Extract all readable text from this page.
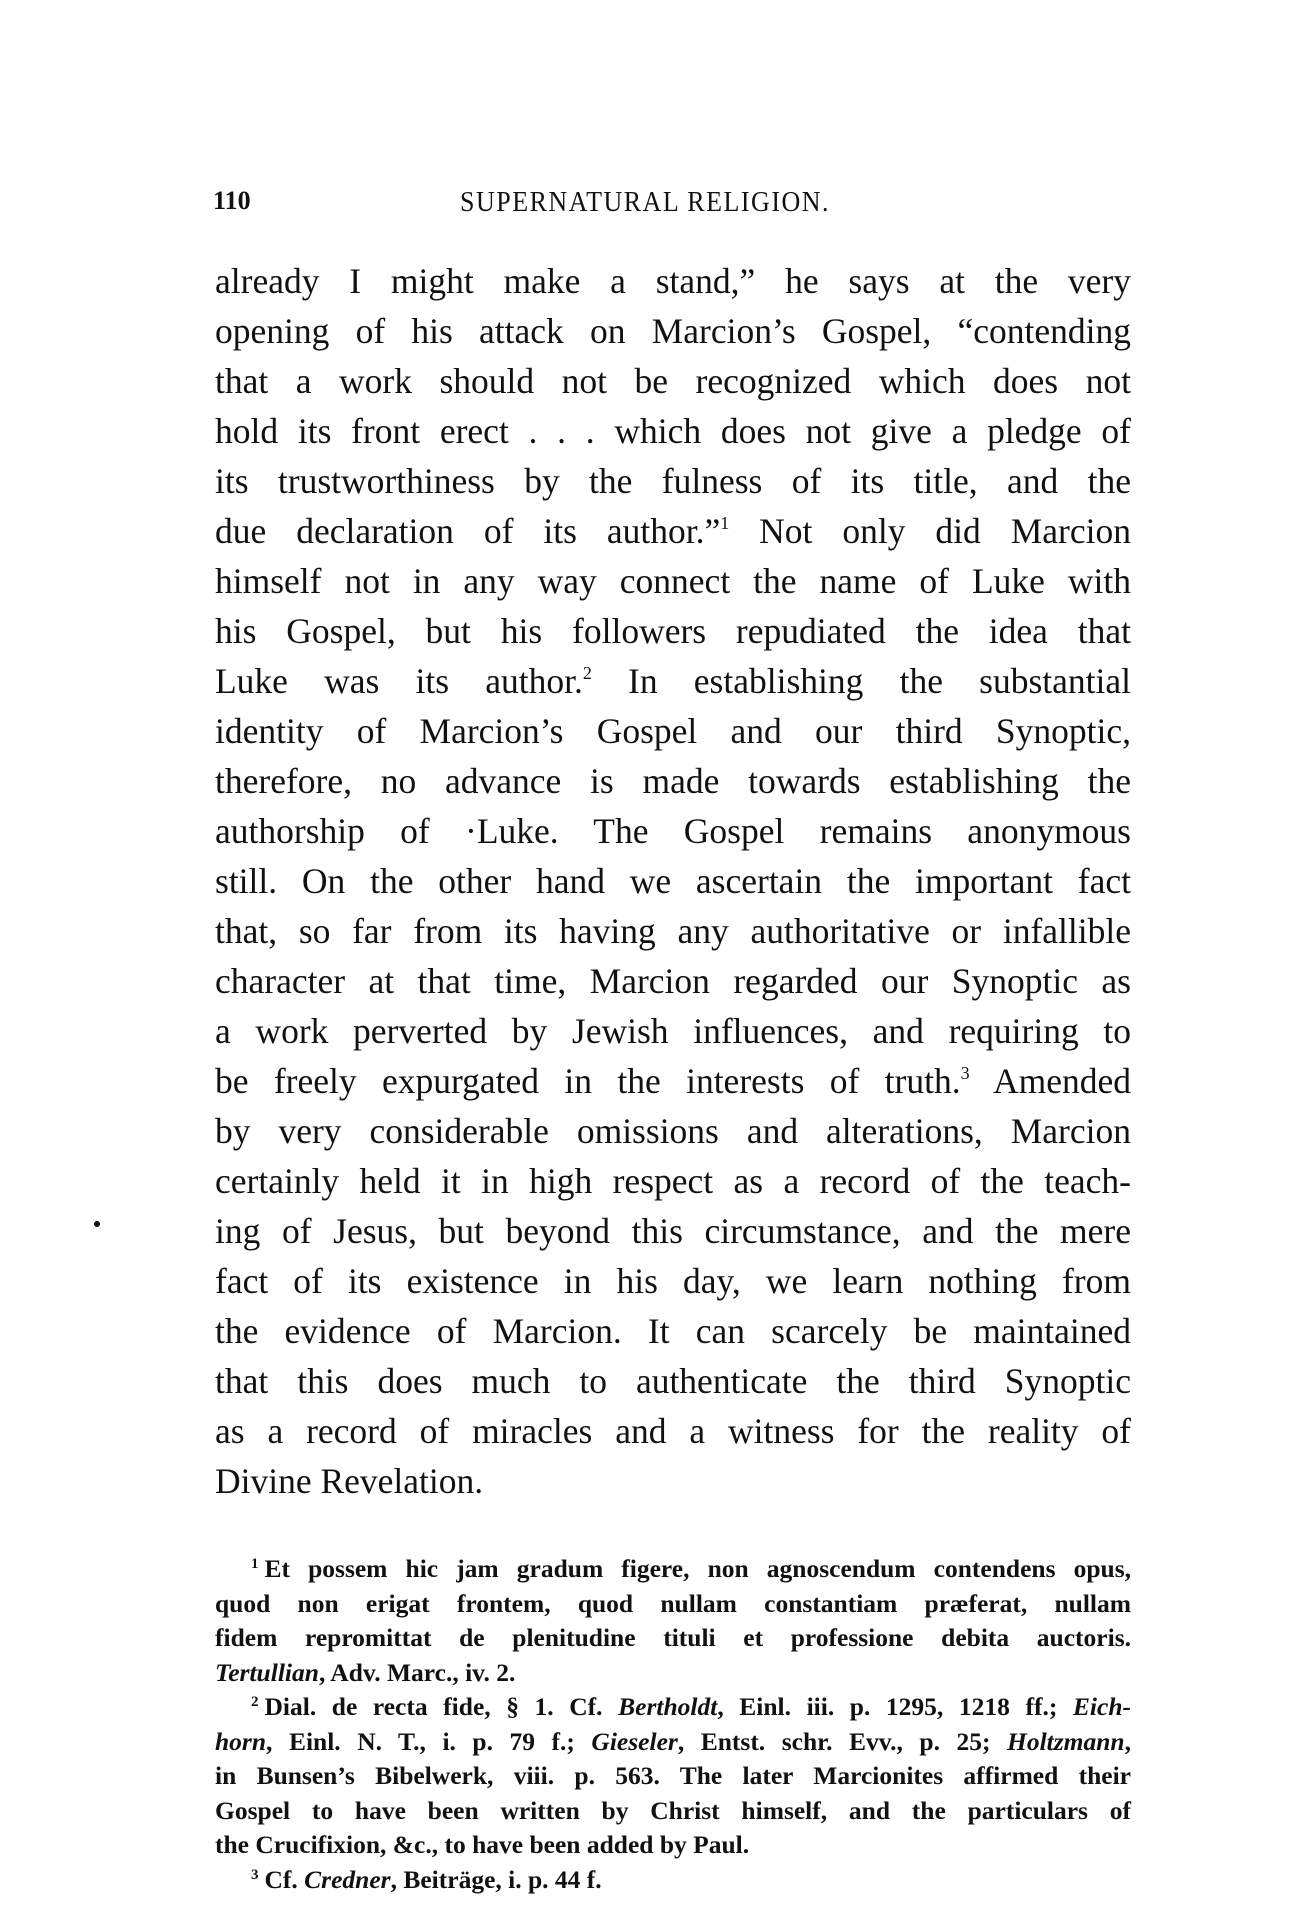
110	SUPERNATURAL RELIGION.
already I might make a stand,” he says at the very
opening of his attack on Marcion’s Gospel, “contending
that a work should not be recognized which does not
hold its front erect . . . which does not give a pledge of
its trustworthiness by the fulness of its title, and the
due declaration of its author.”$^1$ Not only did Marcion
himself not in any way connect the name of Luke with
his Gospel, but his followers repudiated the idea that
Luke was its author.$^2$ In establishing the substantial
identity of Marcion’s Gospel and our third Synoptic,
therefore, no advance is made towards establishing the
authorship of ·Luke. The Gospel remains anonymous
still. On the other hand we ascertain the important fact
that, so far from its having any authoritative or infallible
character at that time, Marcion regarded our Synoptic as
a work perverted by Jewish influences, and requiring to
be freely expurgated in the interests of truth.$^3$ Amended
by very considerable omissions and alterations, Marcion
certainly held it in high respect as a record of the teach-
ing of Jesus, but beyond this circumstance, and the mere
fact of its existence in his day, we learn nothing from
the evidence of Marcion. It can scarcely be maintained
that this does much to authenticate the third Synoptic
as a record of miracles and a witness for the reality of
Divine Revelation.
$^1$ Et possem hic jam gradum figere, non agnoscendum contendens opus,
quod non erigat frontem, quod nullam constantiam præferat, nullam
fidem repromittat de plenitudine tituli et professione debita auctoris.
Tertullian, Adv. Marc., iv. 2.
$^2$ Dial. de recta fide, § 1. Cf. Bertholdt, Einl. iii. p. 1295, 1218 ff.; Eich-
horn, Einl. N. T., i. p. 79 f.; Gieseler, Entst. schr. Evv., p. 25; Holtzmann,
in Bunsen’s Bibelwerk, viii. p. 563. The later Marcionites affirmed their
Gospel to have been written by Christ himself, and the particulars of
the Crucifixion, &c., to have been added by Paul.
$^3$ Cf. Credner, Beiträge, i. p. 44 f.
